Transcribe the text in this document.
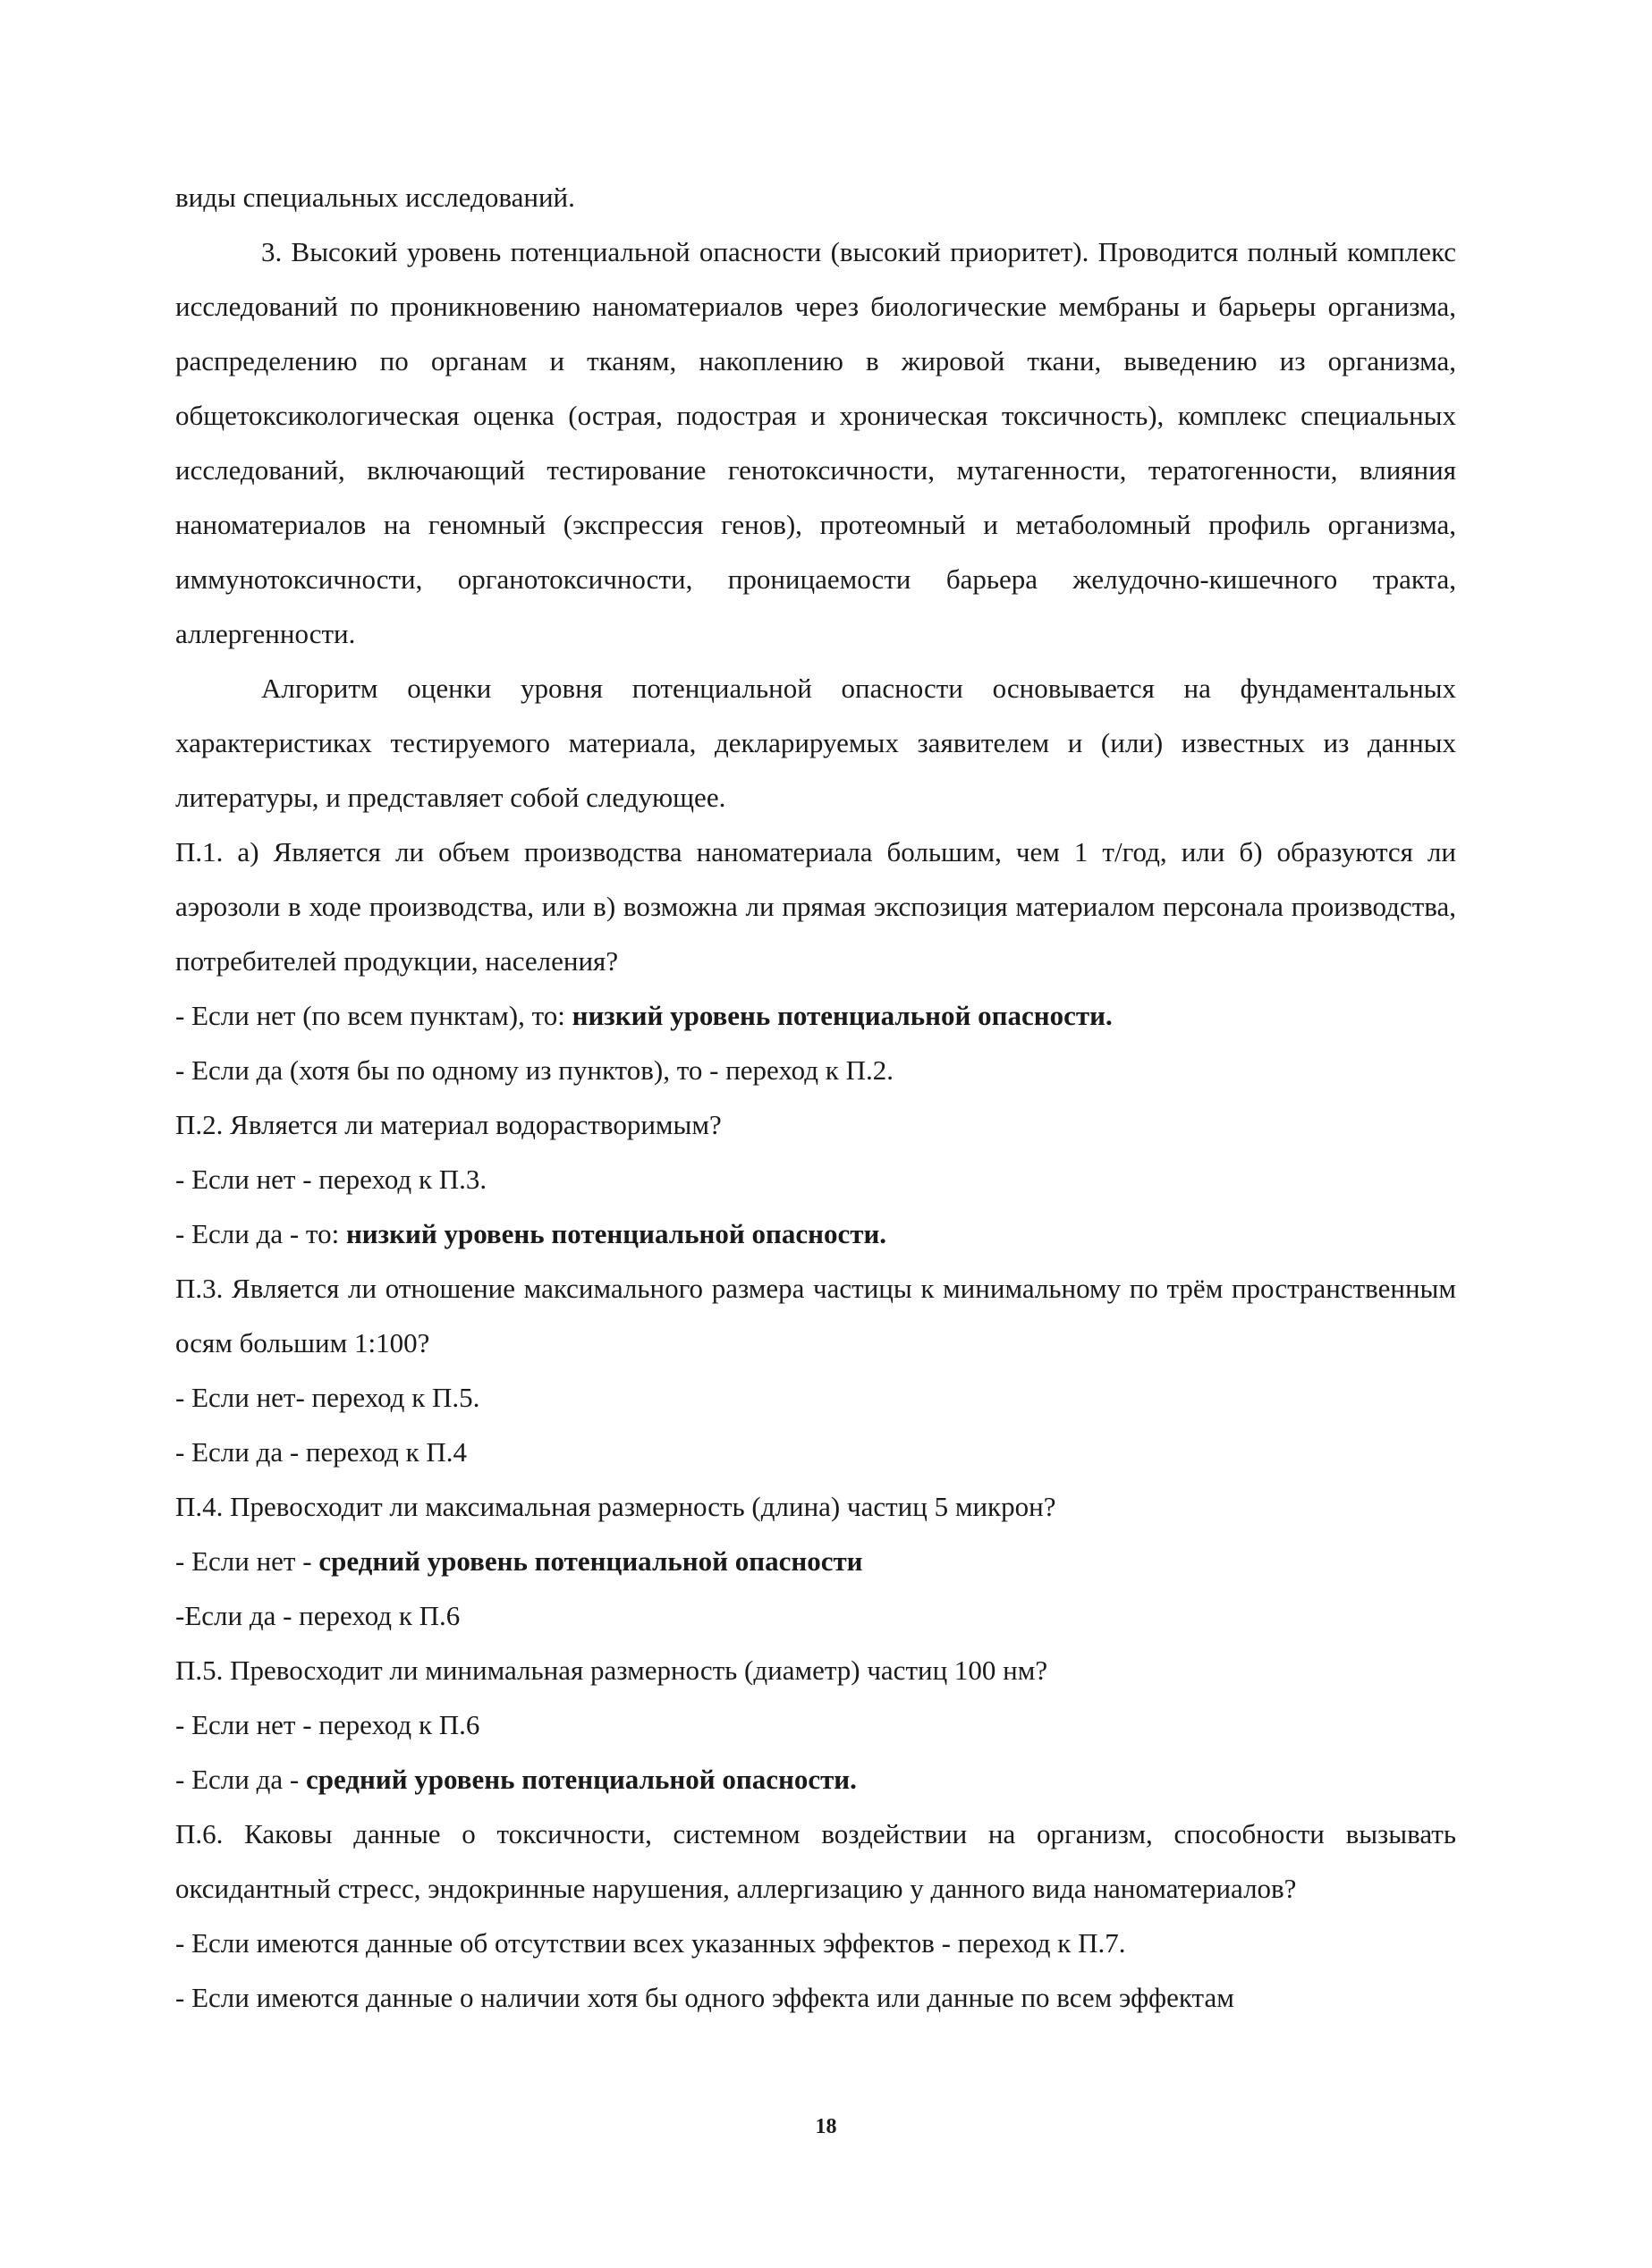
виды специальных исследований.

3. Высокий уровень потенциальной опасности (высокий приоритет). Проводится полный комплекс исследований по проникновению наноматериалов через биологические мембраны и барьеры организма, распределению по органам и тканям, накоплению в жировой ткани, выведению из организма, общетоксикологическая оценка (острая, подострая и хроническая токсичность), комплекс специальных исследований, включающий тестирование генотоксичности, мутагенности, тератогенности, влияния наноматериалов на геномный (экспрессия генов), протеомный и метаболомный профиль организма, иммунотоксичности, органотоксичности, проницаемости барьера желудочно-кишечного тракта, аллергенности.

Алгоритм оценки уровня потенциальной опасности основывается на фундаментальных характеристиках тестируемого материала, декларируемых заявителем и (или) известных из данных литературы, и представляет собой следующее.

П.1. а) Является ли объем производства наноматериала большим, чем 1 т/год, или б) образуются ли аэрозоли в ходе производства, или в) возможна ли прямая экспозиция материалом персонала производства, потребителей продукции, населения?

- Если нет (по всем пунктам), то: низкий уровень потенциальной опасности.

- Если да (хотя бы по одному из пунктов), то - переход к П.2.

П.2. Является ли материал водорастворимым?

- Если нет - переход к П.3.

- Если да - то: низкий уровень потенциальной опасности.

П.3. Является ли отношение максимального размера частицы к минимальному по трём пространственным осям большим 1:100?

- Если нет- переход к П.5.

- Если да - переход к П.4

П.4. Превосходит ли максимальная размерность (длина) частиц 5 микрон?

- Если нет - средний уровень потенциальной опасности

-Если да - переход к П.6

П.5. Превосходит ли минимальная размерность (диаметр) частиц 100 нм?

- Если нет - переход к П.6

- Если да - средний уровень потенциальной опасности.

П.6. Каковы данные о токсичности, системном воздействии на организм, способности вызывать оксидантный стресс, эндокринные нарушения, аллергизацию у данного вида наноматериалов?

- Если имеются данные об отсутствии всех указанных эффектов - переход к П.7.

- Если имеются данные о наличии хотя бы одного эффекта или данные по всем эффектам

18
